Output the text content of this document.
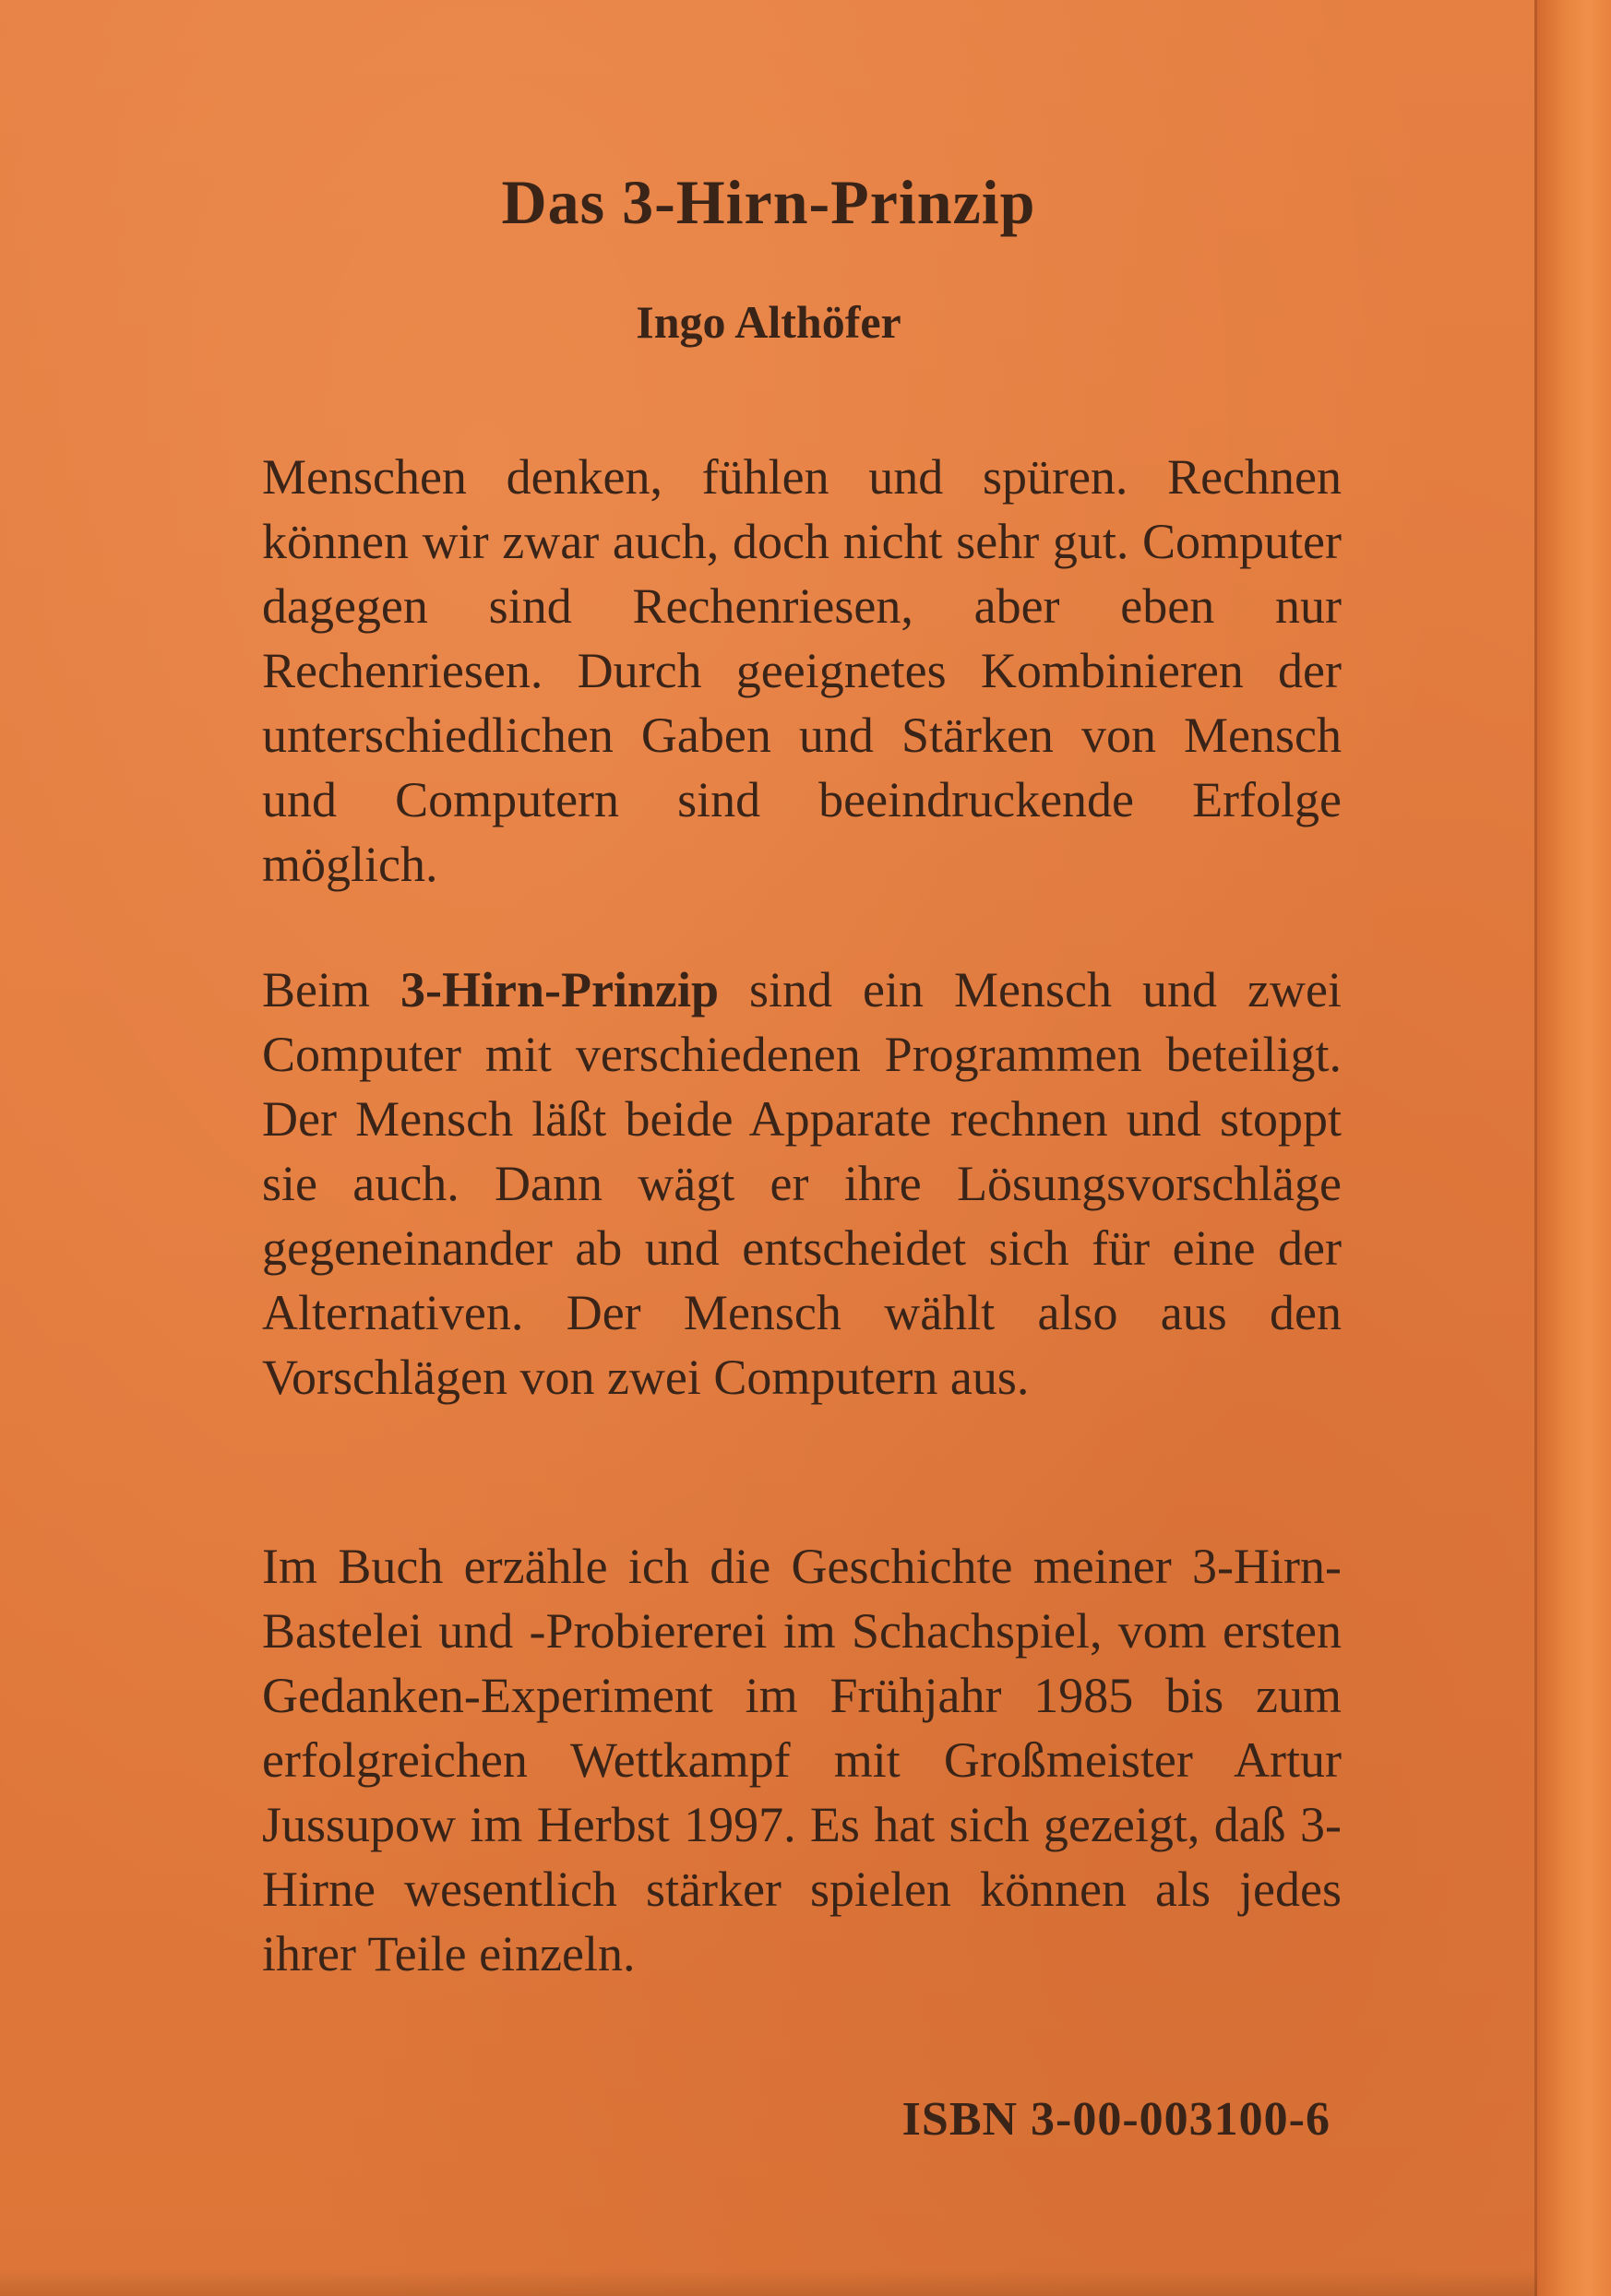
Das 3-Hirn-Prinzip
Ingo Althöfer
Menschen denken, fühlen und spüren. Rechnen können wir zwar auch, doch nicht sehr gut. Computer dagegen sind Rechenriesen, aber eben nur Rechenriesen. Durch geeignetes Kombinieren der unterschiedlichen Gaben und Stärken von Mensch und Computern sind beeindruckende Erfolge möglich.
Beim 3-Hirn-Prinzip sind ein Mensch und zwei Computer mit verschiedenen Programmen beteiligt. Der Mensch läßt beide Apparate rechnen und stoppt sie auch. Dann wägt er ihre Lösungsvorschläge gegeneinander ab und entscheidet sich für eine der Alternativen. Der Mensch wählt also aus den Vorschlägen von zwei Computern aus.
Im Buch erzähle ich die Geschichte meiner 3-Hirn-Bastelei und -Probiererei im Schachspiel, vom ersten Gedanken-Experiment im Frühjahr 1985 bis zum erfolgreichen Wettkampf mit Großmeister Artur Jussupow im Herbst 1997. Es hat sich gezeigt, daß 3-Hirne wesentlich stärker spielen können als jedes ihrer Teile einzeln.
ISBN 3-00-003100-6
